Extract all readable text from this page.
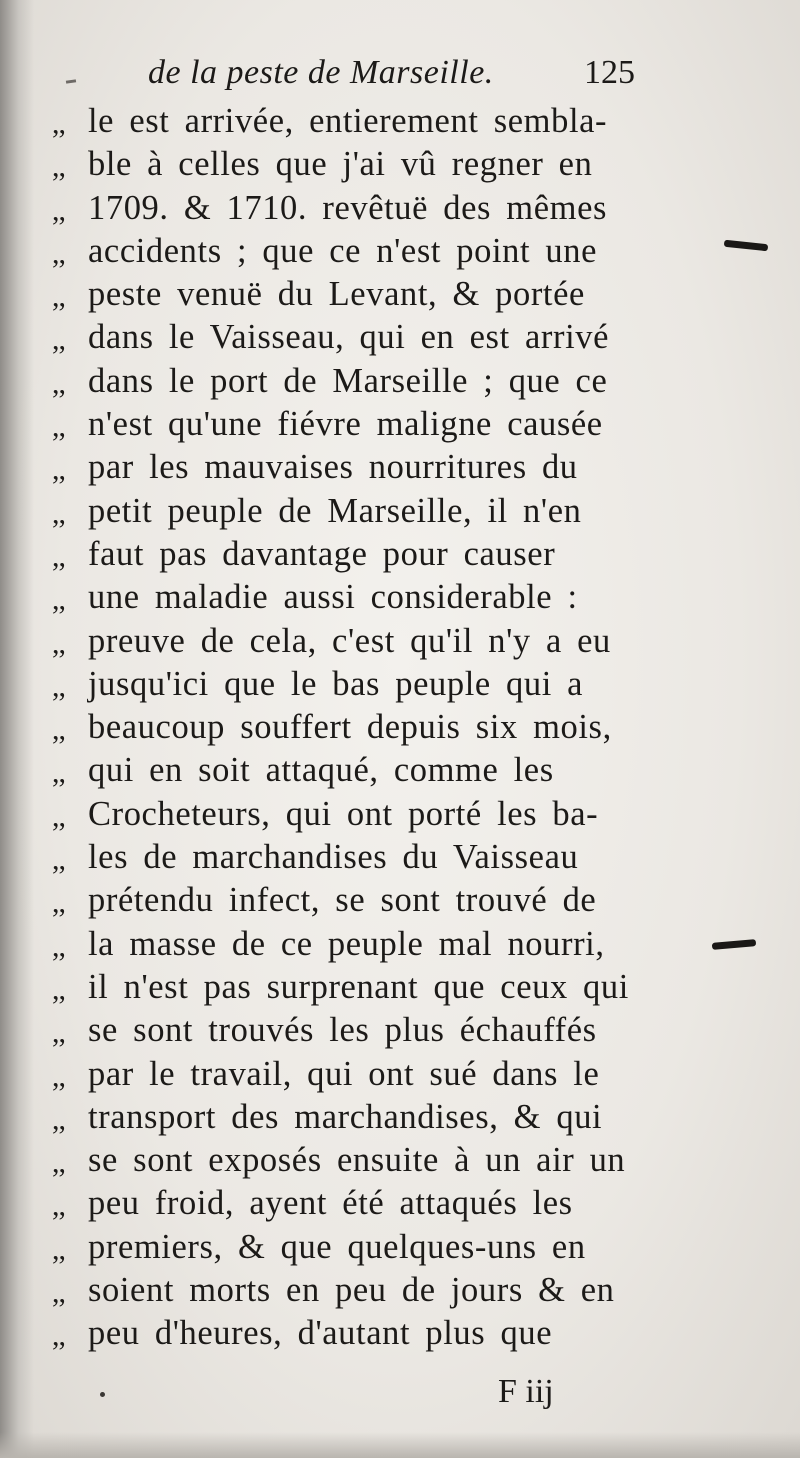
de la peste de Marseille.	125
,, le est arrivée, entierement sembla-
,, ble à celles que j'ai vû regner en
,, 1709. & 1710. revêtuë des mêmes
,, accidents ; que ce n'est point une
,, peste venuë du Levant, & portée
,, dans le Vaisseau, qui en est arrivé
,, dans le port de Marseille ; que ce
,, n'est qu'une fiévre maligne causée
,, par les mauvaises nourritures du
,, petit peuple de Marseille, il n'en
,, faut pas davantage pour causer
,, une maladie aussi considerable :
,, preuve de cela, c'est qu'il n'y a eu
,, jusqu'ici que le bas peuple qui a
,, beaucoup souffert depuis six mois,
,, qui en soit attaqué, comme les
,, Crocheteurs, qui ont porté les ba-
,, les de marchandises du Vaisseau
,, prétendu infect, se sont trouvé de
,, la masse de ce peuple mal nourri,
,, il n'est pas surprenant que ceux qui
,, se sont trouvés les plus échauffés
,, par le travail, qui ont sué dans le
,, transport des marchandises, & qui
,, se sont exposés ensuite à un air un
,, peu froid, ayent été attaqués les
,, premiers, & que quelques-uns en
,, soient morts en peu de jours & en
,, peu d'heures, d'autant plus que
F iij
